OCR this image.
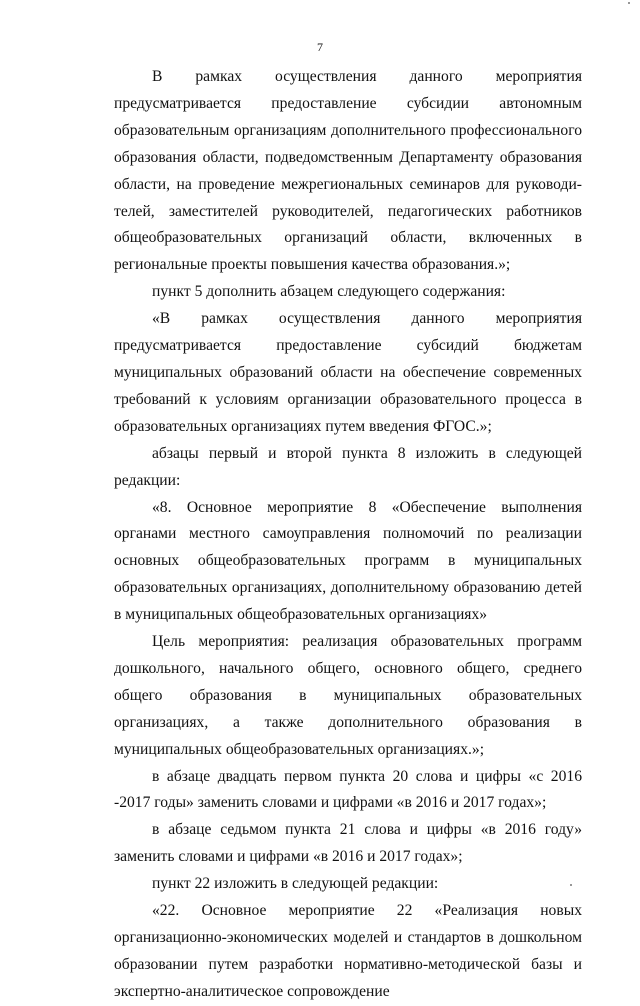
7

В рамках осуществления данного мероприятия предусматривается предоставление субсидии автономным образовательным организациям дополнительного профессионального образования области, подведомственным Департаменту образования области, на проведение межрегиональных семинаров для руководителей, заместителей руководителей, педагогических работников общеобразовательных организаций области, включенных в региональные проекты повышения качества образования.»;

пункт 5 дополнить абзацем следующего содержания:

«В рамках осуществления данного мероприятия предусматривается предоставление субсидий бюджетам муниципальных образований области на обеспечение современных требований к условиям организации образовательного процесса в образовательных организациях путем введения ФГОС.»;

абзацы первый и второй пункта 8 изложить в следующей редакции:

«8. Основное мероприятие 8 «Обеспечение выполнения органами местного самоуправления полномочий по реализации основных общеобразовательных программ в муниципальных образовательных организациях, дополнительному образованию детей в муниципальных общеобразовательных организациях»

Цель мероприятия: реализация образовательных программ дошкольного, начального общего, основного общего, среднего общего образования в муниципальных образовательных организациях, а также дополнительного образования в муниципальных общеобразовательных организациях.»;

в абзаце двадцать первом пункта 20 слова и цифры «с 2016 -2017 годы» заменить словами и цифрами «в 2016 и 2017 годах»;

в абзаце седьмом пункта 21 слова и цифры «в 2016 году» заменить словами и цифрами «в 2016 и 2017 годах»;

пункт 22 изложить в следующей редакции:

«22. Основное мероприятие 22 «Реализация новых организационно-экономических моделей и стандартов в дошкольном образовании путем разработки нормативно-методической базы и экспертно-аналитическое сопровождение
